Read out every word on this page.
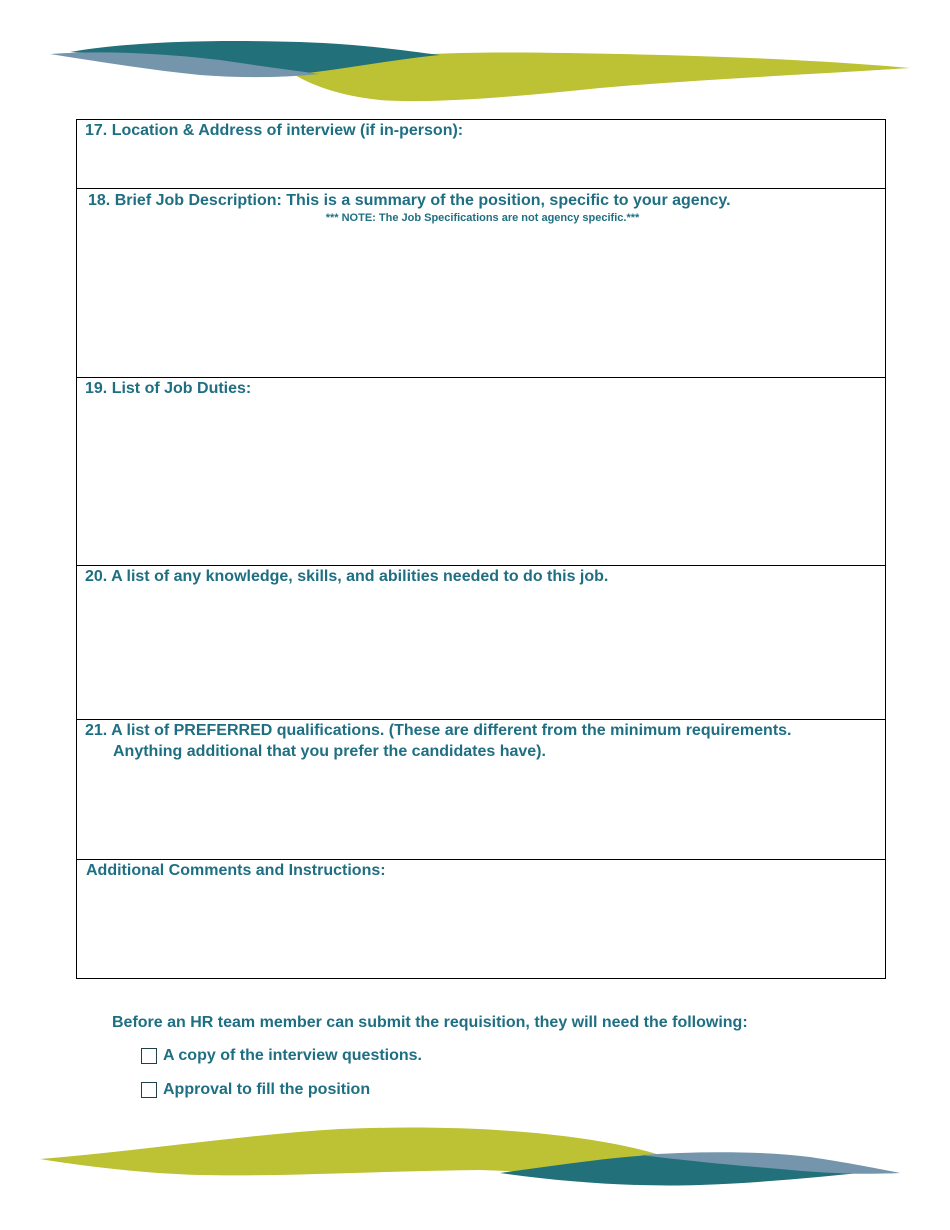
17. Location & Address of interview (if in-person):
18. Brief Job Description: This is a summary of the position, specific to your agency.
*** NOTE: The Job Specifications are not agency specific.***
19. List of Job Duties:
20. A list of any knowledge, skills, and abilities needed to do this job.
21. A list of PREFERRED qualifications. (These are different from the minimum requirements.
Anything additional that you prefer the candidates have).
Additional Comments and Instructions:
Before an HR team member can submit the requisition, they will need the following:
A copy of the interview questions.
Approval to fill the position
